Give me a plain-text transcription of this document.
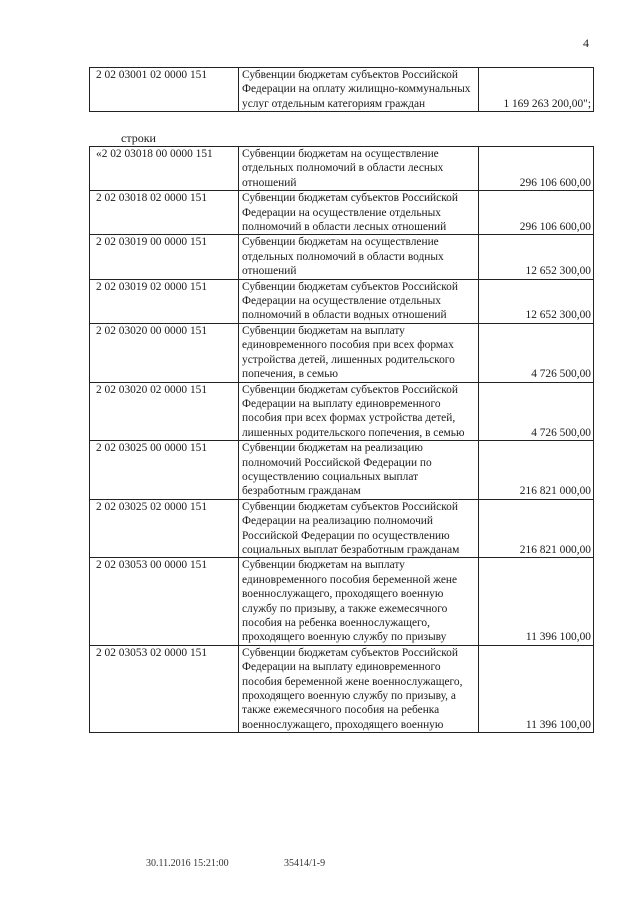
4
2 02 03001 02 0000 151	Субвенции бюджетам субъектов Российской Федерации на оплату жилищно-коммунальных услуг отдельным категориям граждан	1 169 263 200,00";
строки
«2 02 03018 00 0000 151	Субвенции бюджетам на осуществление отдельных полномочий в области лесных отношений	296 106 600,00
2 02 03018 02 0000 151	Субвенции бюджетам субъектов Российской Федерации на осуществление отдельных полномочий в области лесных отношений	296 106 600,00
2 02 03019 00 0000 151	Субвенции бюджетам на осуществление отдельных полномочий в области водных отношений	12 652 300,00
2 02 03019 02 0000 151	Субвенции бюджетам субъектов Российской Федерации на осуществление отдельных полномочий в области водных отношений	12 652 300,00
2 02 03020 00 0000 151	Субвенции бюджетам на выплату единовременного пособия при всех формах устройства детей, лишенных родительского попечения, в семью	4 726 500,00
2 02 03020 02 0000 151	Субвенции бюджетам субъектов Российской Федерации на выплату единовременного пособия при всех формах устройства детей, лишенных родительского попечения, в семью	4 726 500,00
2 02 03025 00 0000 151	Субвенции бюджетам на реализацию полномочий Российской Федерации по осуществлению социальных выплат безработным гражданам	216 821 000,00
2 02 03025 02 0000 151	Субвенции бюджетам субъектов Российской Федерации на реализацию полномочий Российской Федерации по осуществлению социальных выплат безработным гражданам	216 821 000,00
2 02 03053 00 0000 151	Субвенции бюджетам на выплату единовременного пособия беременной жене военнослужащего, проходящего военную службу по призыву, а также ежемесячного пособия на ребенка военнослужащего, проходящего военную службу по призыву	11 396 100,00
2 02 03053 02 0000 151	Субвенции бюджетам субъектов Российской Федерации на выплату единовременного пособия беременной жене военнослужащего, проходящего военную службу по призыву, а также ежемесячного пособия на ребенка военнослужащего, проходящего военную	11 396 100,00
30.11.2016 15:21:00	35414/1-9
